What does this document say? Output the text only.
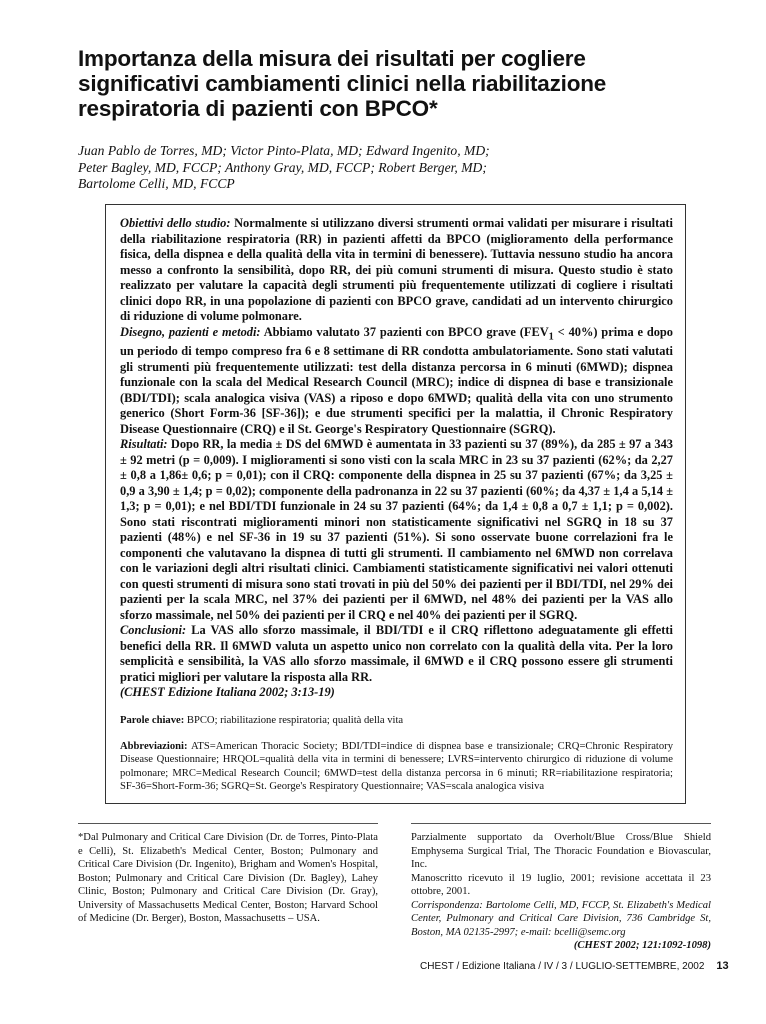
Importanza della misura dei risultati per cogliere
significativi cambiamenti clinici nella riabilitazione
respiratoria di pazienti con BPCO*
Juan Pablo de Torres, MD; Victor Pinto-Plata, MD; Edward Ingenito, MD;
Peter Bagley, MD, FCCP; Anthony Gray, MD, FCCP; Robert Berger, MD;
Bartolome Celli, MD, FCCP

Obiettivi dello studio: Normalmente si utilizzano diversi strumenti ormai validati per misurare i risultati della riabilitazione respiratoria (RR) in pazienti affetti da BPCO (miglioramento della performance fisica, della dispnea e della qualità della vita in termini di benessere). Tuttavia nessuno studio ha ancora messo a confronto la sensibilità, dopo RR, dei più comuni strumenti di misura. Questo studio è stato realizzato per valutare la capacità degli strumenti più frequentemente utilizzati di cogliere i risultati clinici dopo RR, in una popolazione di pazienti con BPCO grave, candidati ad un intervento chirurgico di riduzione di volume polmonare.

Disegno, pazienti e metodi: Abbiamo valutato 37 pazienti con BPCO grave $(FEV_1 < 40\%)$ prima e dopo un periodo di tempo compreso fra 6 e 8 settimane di RR condotta ambulatoriamente. Sono stati valutati gli strumenti più frequentemente utilizzati: test della distanza percorsa in 6 minuti (6MWD); dispnea funzionale con la scala del Medical Research Council (MRC); indice di dispnea di base e transizionale (BDI/TDI); scala analogica visiva (VAS) a riposo e dopo 6MWD; qualità della vita con uno strumento generico (Short Form-36 [SF-36]); e due strumenti specifici per la malattia, il Chronic Respiratory Disease Questionnaire (CRQ) e il St. George's Respiratory Questionnaire (SGRQ).

Risultati: Dopo RR, la media ± DS del 6MWD è aumentata in 33 pazienti su 37 (89%), da 285 ± 97 a 343 ± 92 metri (p = 0,009). I miglioramenti si sono visti con la scala MRC in 23 su 37 pazienti (62%; da 2,27 ± 0,8 a 1,86± 0,6; p = 0,01); con il CRQ: componente della dispnea in 25 su 37 pazienti (67%; da 3,25 ± 0,9 a 3,90 ± 1,4; p = 0,02); componente della padronanza in 22 su 37 pazienti (60%; da 4,37 ± 1,4 a 5,14 ± 1,3; p = 0,01); e nel BDI/TDI funzionale in 24 su 37 pazienti (64%; da 1,4 ± 0,8 a 0,7 ± 1,1; p = 0,002). Sono stati riscontrati miglioramenti minori non statisticamente significativi nel SGRQ in 18 su 37 pazienti (48%) e nel SF-36 in 19 su 37 pazienti (51%). Si sono osservate buone correlazioni fra le componenti che valutavano la dispnea di tutti gli strumenti. Il cambiamento nel 6MWD non correlava con le variazioni degli altri risultati clinici. Cambiamenti statisticamente significativi nei valori ottenuti con questi strumenti di misura sono stati trovati in più del 50% dei pazienti per il BDI/TDI, nel 29% dei pazienti per la scala MRC, nel 37% dei pazienti per il 6MWD, nel 48% dei pazienti per la VAS allo sforzo massimale, nel 50% dei pazienti per il CRQ e nel 40% dei pazienti per il SGRQ.

Conclusioni: La VAS allo sforzo massimale, il BDI/TDI e il CRQ riflettono adeguatamente gli effetti benefici della RR. Il 6MWD valuta un aspetto unico non correlato con la qualità della vita. Per la loro semplicità e sensibilità, la VAS allo sforzo massimale, il 6MWD e il CRQ possono essere gli strumenti pratici migliori per valutare la risposta alla RR.

(CHEST Edizione Italiana 2002; 3:13-19)

Parole chiave: BPCO; riabilitazione respiratoria; qualità della vita
Abbreviazioni: ATS=American Thoracic Society; BDI/TDI=indice di dispnea base e transizionale; CRQ=Chronic Respiratory Disease Questionnaire; HRQOL=qualità della vita in termini di benessere; LVRS=intervento chirurgico di riduzione di volume polmonare; MRC=Medical Research Council; 6MWD=test della distanza percorsa in 6 minuti; RR=riabilitazione respiratoria; SF-36=Short-Form-36; SGRQ=St. George's Respiratory Questionnaire; VAS=scala analogica visiva
*Dal Pulmonary and Critical Care Division (Dr. de Torres, Pinto-Plata e Celli), St. Elizabeth's Medical Center, Boston; Pulmonary and Critical Care Division (Dr. Ingenito), Brigham and Women's Hospital, Boston; Pulmonary and Critical Care Division (Dr. Bagley), Lahey Clinic, Boston; Pulmonary and Critical Care Division (Dr. Gray), University of Massachusetts Medical Center, Boston; Harvard School of Medicine (Dr. Berger), Boston, Massachusetts – USA.

Parzialmente supportato da Overholt/Blue Cross/Blue Shield Emphysema Surgical Trial, The Thoracic Foundation e Biovascular, Inc.

Manoscritto ricevuto il 19 luglio, 2001; revisione accettata il 23 ottobre, 2001.

Corrispondenza: Bartolome Celli, MD, FCCP, St. Elizabeth's Medical Center, Pulmonary and Critical Care Division, 736 Cambridge St, Boston, MA 02135-2997; e-mail: bcelli@semc.org

(CHEST 2002; 121:1092-1098)

CHEST / Edizione Italiana / IV / 3 / LUGLIO-SETTEMBRE, 2002 13
